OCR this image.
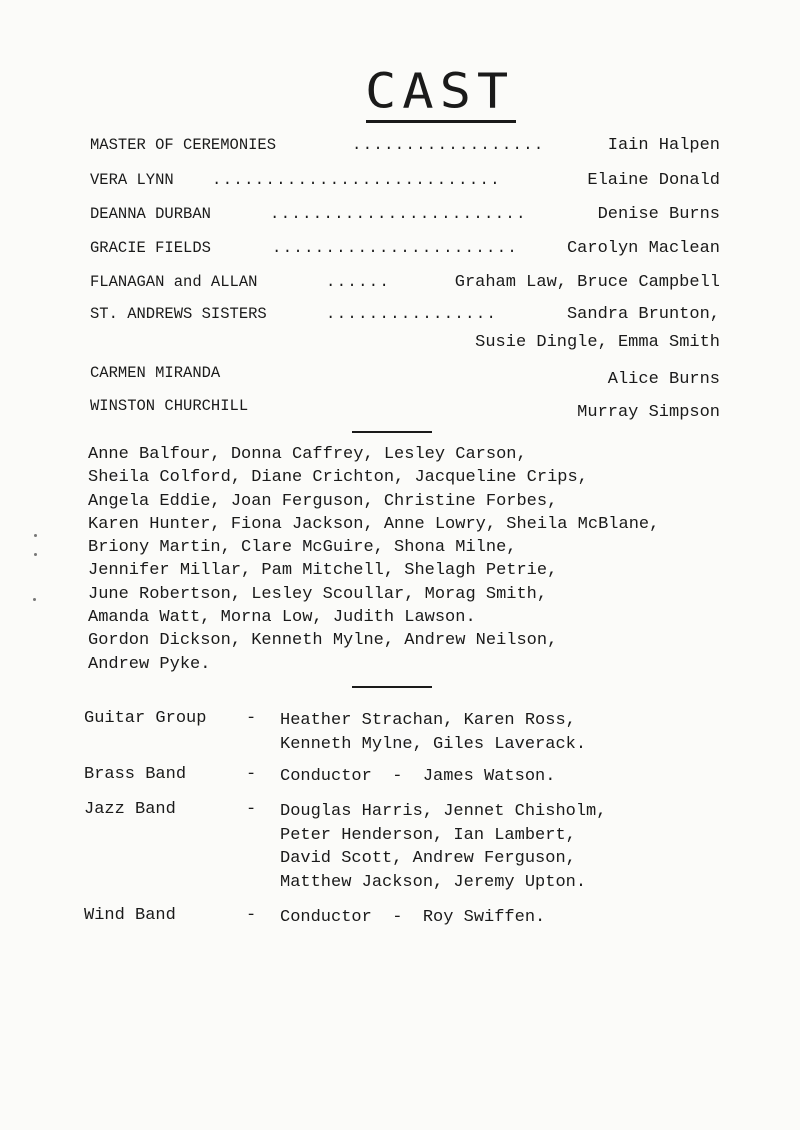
CAST
MASTER OF CEREMONIES	..................	Iain Halpen
VERA LYNN ...........................	Elaine Donald
DEANNA DURBAN	........................	Denise Burns
GRACIE FIELDS	.......................	Carolyn Maclean
FLANAGAN and ALLAN	......	Graham Law, Bruce Campbell
ST. ANDREWS SISTERS	................	Sandra Brunton,
Susie Dingle, Emma Smith
CARMEN MIRANDA	Alice Burns
WINSTON CHURCHILL	Murray Simpson
Anne Balfour, Donna Caffrey, Lesley Carson,
Sheila Colford, Diane Crichton, Jacqueline Crips,
Angela Eddie, Joan Ferguson, Christine Forbes,
Karen Hunter, Fiona Jackson, Anne Lowry, Sheila McBlane,
Briony Martin, Clare McGuire, Shona Milne,
Jennifer Millar, Pam Mitchell, Shelagh Petrie,
June Robertson, Lesley Scoullar, Morag Smith,
Amanda Watt, Morna Low, Judith Lawson.
Gordon Dickson, Kenneth Mylne, Andrew Neilson,
Andrew Pyke.
Guitar Group - Heather Strachan, Karen Ross,
Kenneth Mylne, Giles Laverack.
Brass Band	- Conductor  -  James Watson.
Jazz Band	- Douglas Harris, Jennet Chisholm,
Peter Henderson, Ian Lambert,
David Scott, Andrew Ferguson,
Matthew Jackson, Jeremy Upton.
Wind Band	- Conductor  -  Roy Swiffen.
